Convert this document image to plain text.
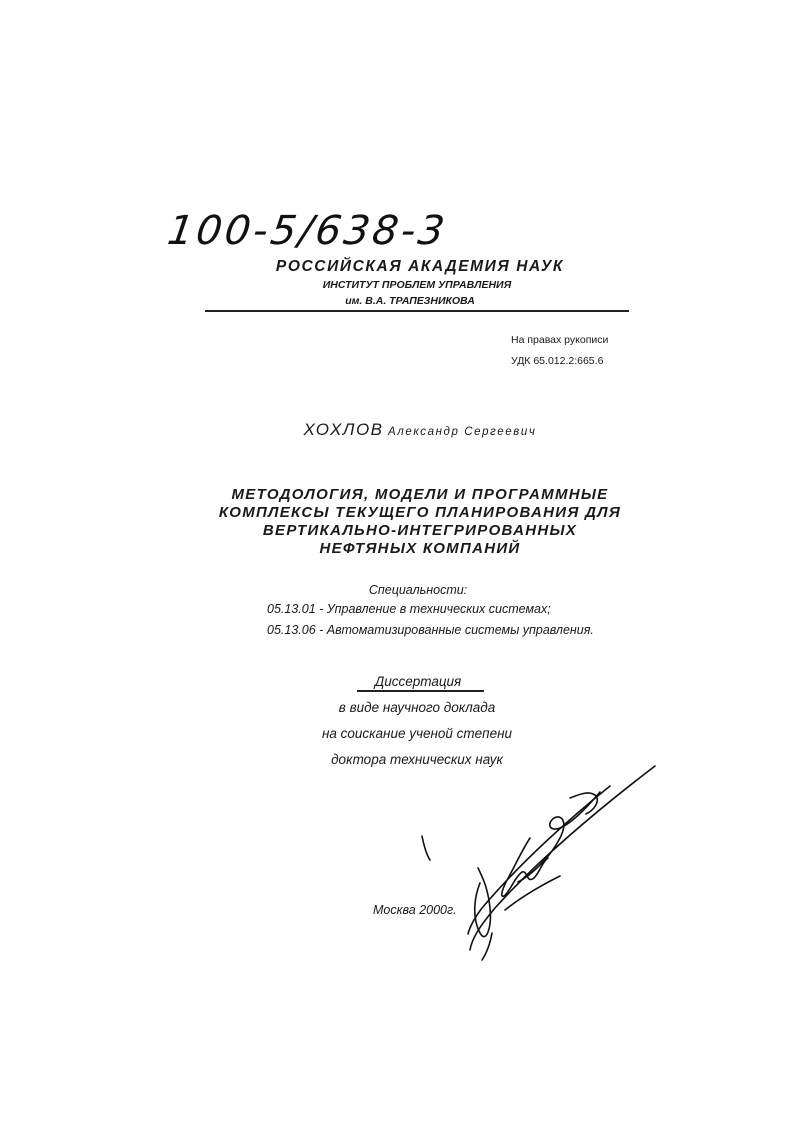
100-5/638-3
РОССИЙСКАЯ АКАДЕМИЯ НАУК
ИНСТИТУТ ПРОБЛЕМ УПРАВЛЕНИЯ
им. В.А. ТРАПЕЗНИКОВА
На правах рукописи
УДК 65.012.2:665.6
ХОХЛОВ Александр Сергеевич
МЕТОДОЛОГИЯ, МОДЕЛИ И ПРОГРАММНЫЕ
КОМПЛЕКСЫ ТЕКУЩЕГО ПЛАНИРОВАНИЯ ДЛЯ
ВЕРТИКАЛЬНО-ИНТЕГРИРОВАННЫХ
НЕФТЯНЫХ КОМПАНИЙ
Специальности:
05.13.01 - Управление в технических системах;
05.13.06 - Автоматизированные системы управления.
Диссертация
в виде научного доклада
на соискание ученой степени
доктора технических наук
Москва 2000г.
